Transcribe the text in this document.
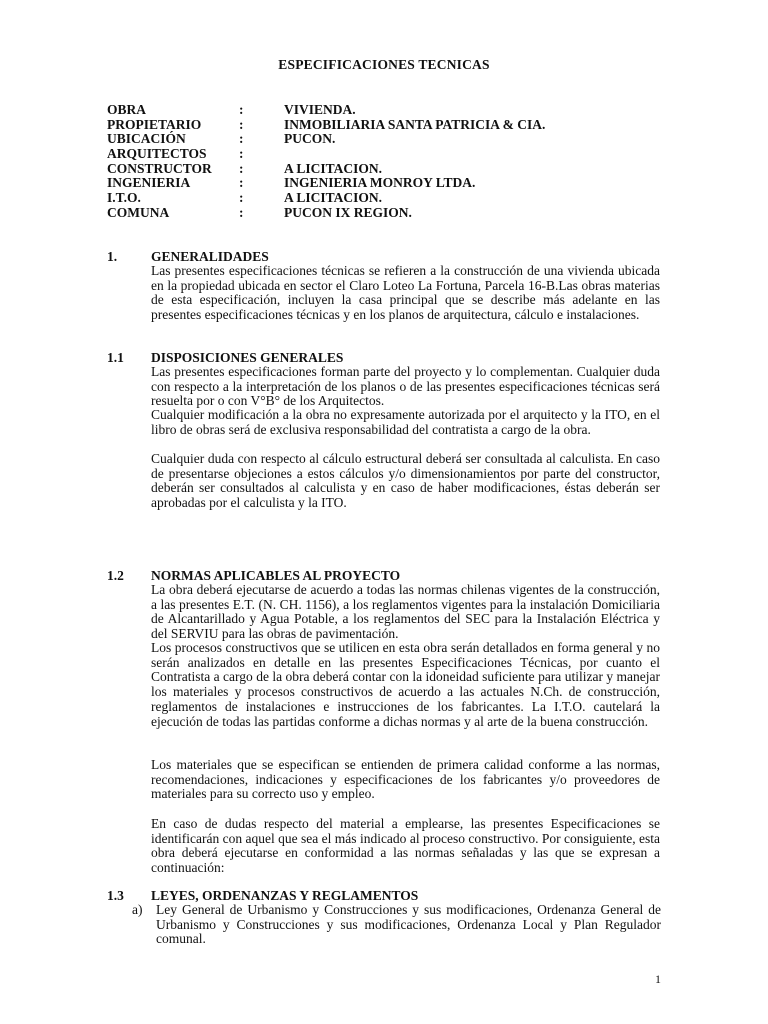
ESPECIFICACIONES TECNICAS
OBRA	:	VIVIENDA.
PROPIETARIO	:	INMOBILIARIA SANTA PATRICIA & CIA.
UBICACIÓN	:	PUCON.
ARQUITECTOS :
CONSTRUCTOR :	A LICITACION.
INGENIERIA	:	INGENIERIA MONROY LTDA.
I.T.O.	:	A LICITACION.
COMUNA	:	PUCON IX REGION.
1.	GENERALIDADES

Las presentes especificaciones técnicas se refieren a la construcción de una vivienda ubicada en la propiedad ubicada en sector el Claro Loteo La Fortuna, Parcela 16-B.Las obras materias de esta especificación, incluyen la casa principal que se describe más adelante en las presentes especificaciones técnicas y en los planos de arquitectura, cálculo e instalaciones.

1.1 DISPOSICIONES GENERALES

Las presentes especificaciones forman parte del proyecto y lo complementan. Cualquier duda con respecto a la interpretación de los planos o de las presentes especificaciones técnicas será resuelta por o con V°B° de los Arquitectos.

Cualquier modificación a la obra no expresamente autorizada por el arquitecto y la ITO, en el libro de obras será de exclusiva responsabilidad del contratista a cargo de la obra.

Cualquier duda con respecto al cálculo estructural deberá ser consultada al calculista. En caso de presentarse objeciones a estos cálculos y/o dimensionamientos por parte del constructor, deberán ser consultados al calculista y en caso de haber modificaciones, éstas deberán ser aprobadas por el calculista y la ITO.

1.2 NORMAS APLICABLES AL PROYECTO

La obra deberá ejecutarse de acuerdo a todas las normas chilenas vigentes de la construcción, a las presentes E.T. (N. CH. 1156), a los reglamentos vigentes para la instalación Domiciliaria de Alcantarillado y Agua Potable, a los reglamentos del SEC para la Instalación Eléctrica y del SERVIU para las obras de pavimentación.

Los procesos constructivos que se utilicen en esta obra serán detallados en forma general y no serán analizados en detalle en las presentes Especificaciones Técnicas, por cuanto el Contratista a cargo de la obra deberá contar con la idoneidad suficiente para utilizar y manejar los materiales y procesos constructivos de acuerdo a las actuales N.Ch. de construcción, reglamentos de instalaciones e instrucciones de los fabricantes. La I.T.O. cautelará la ejecución de todas las partidas conforme a dichas normas y al arte de la buena construcción.

Los materiales que se especifican se entienden de primera calidad conforme a las normas, recomendaciones, indicaciones y especificaciones de los fabricantes y/o proveedores de materiales para su correcto uso y empleo.

En caso de dudas respecto del material a emplearse, las presentes Especificaciones se identificarán con aquel que sea el más indicado al proceso constructivo. Por consiguiente, esta obra deberá ejecutarse en conformidad a las normas señaladas y las que se expresan a continuación:

1.3 LEYES, ORDENANZAS Y REGLAMENTOS
a) Ley General de Urbanismo y Construcciones y sus modificaciones, Ordenanza General de Urbanismo y Construcciones y sus modificaciones, Ordenanza Local y Plan Regulador comunal.
1
